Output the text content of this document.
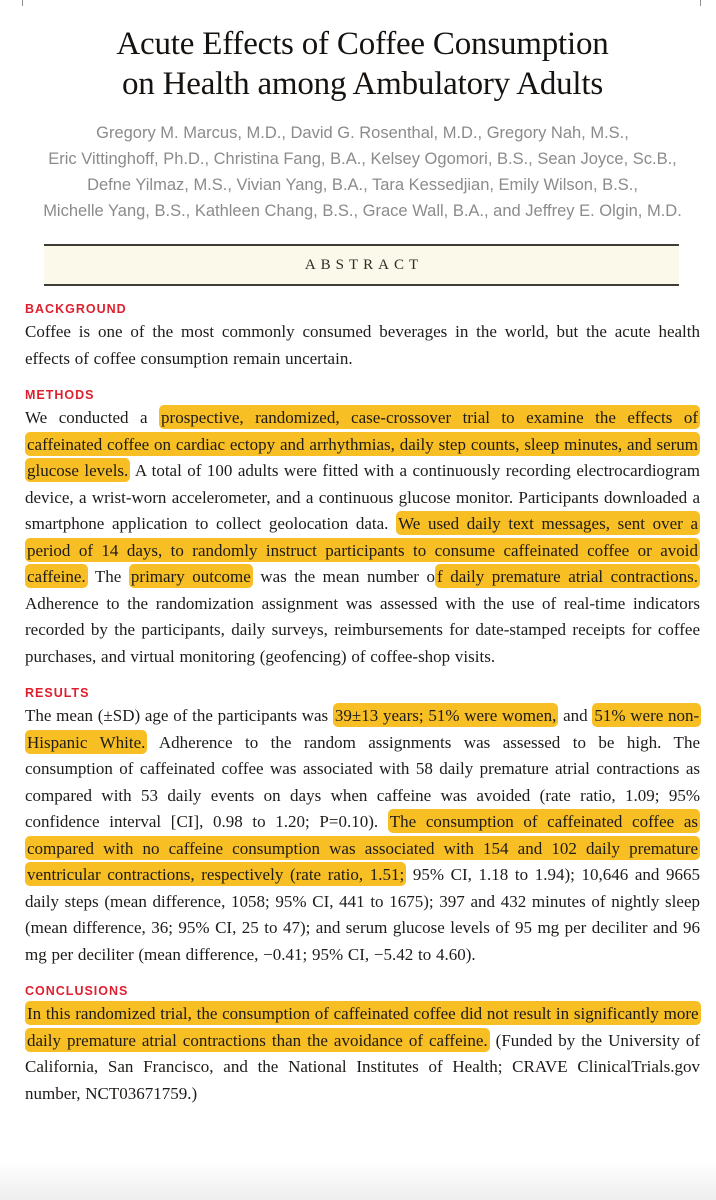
Acute Effects of Coffee Consumption
on Health among Ambulatory Adults
Gregory M. Marcus, M.D., David G. Rosenthal, M.D., Gregory Nah, M.S.,
Eric Vittinghoff, Ph.D., Christina Fang, B.A., Kelsey Ogomori, B.S., Sean Joyce, Sc.B.,
Defne Yilmaz, M.S., Vivian Yang, B.A., Tara Kessedjian, Emily Wilson, B.S.,
Michelle Yang, B.S., Kathleen Chang, B.S., Grace Wall, B.A., and Jeffrey E. Olgin, M.D.
ABSTRACT
BACKGROUND

Coffee is one of the most commonly consumed beverages in the world, but the acute health effects of coffee consumption remain uncertain.

METHODS

We conducted a prospective, randomized, case-crossover trial to examine the effects of caffeinated coffee on cardiac ectopy and arrhythmias, daily step counts, sleep minutes, and serum glucose levels. A total of 100 adults were fitted with a continuously recording electrocardiogram device, a wrist-worn accelerometer, and a continuous glucose monitor. Participants downloaded a smartphone application to collect geolocation data. We used daily text messages, sent over a period of 14 days, to randomly instruct participants to consume caffeinated coffee or avoid caffeine. The primary outcome was the mean number o f daily premature atrial contractions. Adherence to the randomization assignment was assessed with the use of real-time indicators recorded by the participants, daily surveys, reimbursements for date-stamped receipts for coffee purchases, and virtual monitoring (geofencing) of coffee-shop visits.

RESULTS

The mean (±SD) age of the participants was 39±13 years; 51% were women, and 51% were non-Hispanic White. Adherence to the random assignments was assessed to be high. The consumption of caffeinated coffee was associated with 58 daily premature atrial contractions as compared with 53 daily events on days when caffeine was avoided (rate ratio, 1.09; 95% confidence interval [CI], 0.98 to 1.20; P=0.10). The consumption of caffeinated coffee as compared with no caffeine consumption was associated with 154 and 102 daily premature ventricular contractions, respectively (rate ratio, 1.51; 95% CI, 1.18 to 1.94); 10,646 and 9665 daily steps (mean difference, 1058; 95% CI, 441 to 1675); 397 and 432 minutes of nightly sleep (mean difference, 36; 95% CI, 25 to 47); and serum glucose levels of 95 mg per deciliter and 96 mg per deciliter (mean difference, −0.41; 95% CI, −5.42 to 4.60).

CONCLUSIONS

In this randomized trial, the consumption of caffeinated coffee did not result in significantly more daily premature atrial contractions than the avoidance of caffeine. (Funded by the University of California, San Francisco, and the National Institutes of Health; CRAVE ClinicalTrials.gov number, NCT03671759.)
